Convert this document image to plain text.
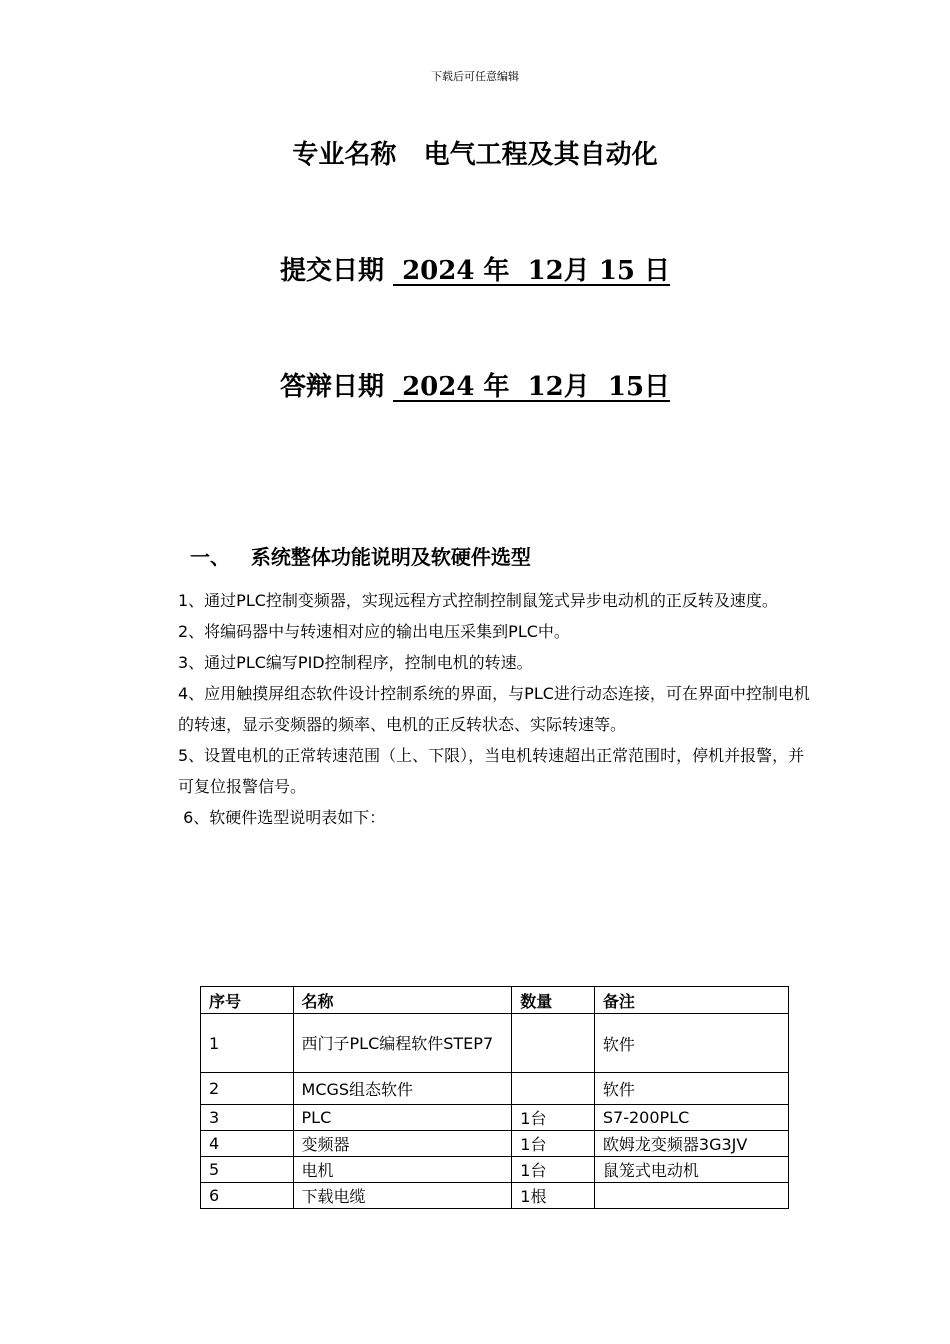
下载后可任意编辑
专业名称 电气工程及其自动化
提交日期  2024 年  12月 15 日
答辩日期  2024 年  12月  15日
一、 系统整体功能说明及软硬件选型

1、通过PLC控制变频器，实现远程方式控制控制鼠笼式异步电动机的正反转及速度。

2、将编码器中与转速相对应的输出电压采集到PLC中。

3、通过PLC编写PID控制程序，控制电机的转速。

4、应用触摸屏组态软件设计控制系统的界面，与PLC进行动态连接，可在界面中控制电机的转速，显示变频器的频率、电机的正反转状态、实际转速等。

5、设置电机的正常转速范围（上、下限），当电机转速超出正常范围时，停机并报警，并可复位报警信号。

6、软硬件选型说明表如下：

序号	名称	数量	备注
1	西门子PLC编程软件STEP7		软件
2	MCGS组态软件		软件
3	PLC	1台	S7-200PLC
4	变频器	1台	欧姆龙变频器3G3JV
5	电机	1台	鼠笼式电动机
6	下载电缆	1根	
